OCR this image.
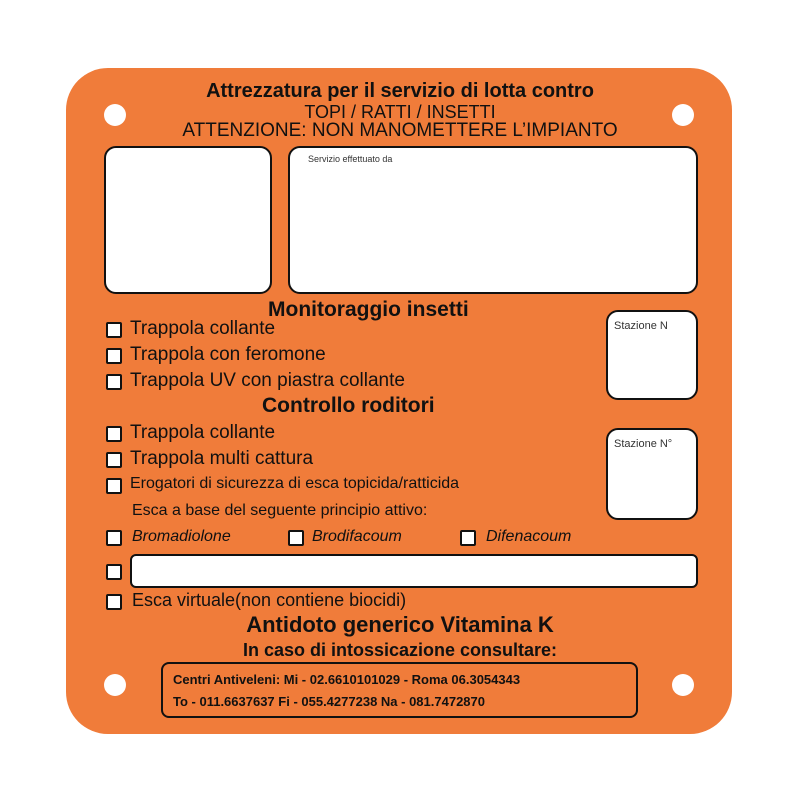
Attrezzatura per il servizio di lotta contro
TOPI / RATTI / INSETTI
ATTENZIONE: NON MANOMETTERE L’IMPIANTO
Servizio effettuato da
Monitoraggio insetti
Stazione N
Trappola collante
Trappola con feromone
Trappola UV con piastra collante
Controllo roditori
Stazione N°
Trappola collante
Trappola multi cattura
Erogatori di sicurezza di esca topicida/ratticida
Esca a base del seguente principio attivo:
Bromadiolone	Brodifacoum	Difenacoum
Esca virtuale(non contiene biocidi)
Antidoto generico Vitamina K
In caso di intossicazione consultare:
Centri Antiveleni: Mi - 02.6610101029 - Roma 06.3054343
To - 011.6637637 Fi - 055.4277238 Na - 081.7472870
